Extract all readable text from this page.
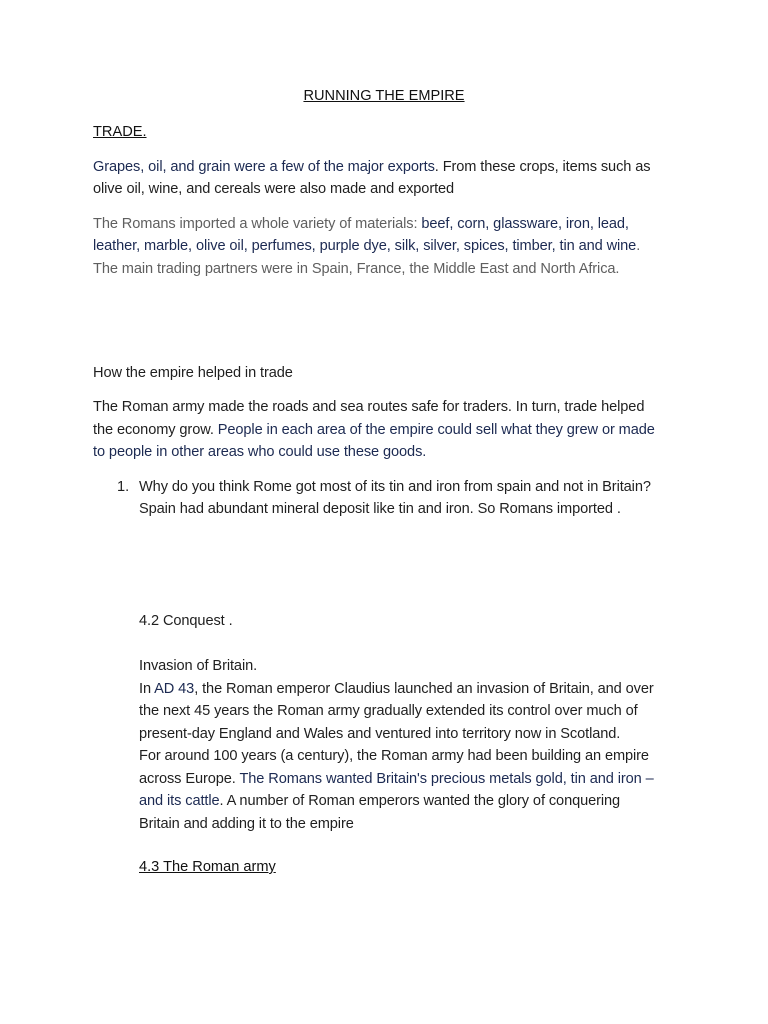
RUNNING THE EMPIRE
TRADE.
Grapes, oil, and grain were a few of the major exports. From these crops, items such as
olive oil, wine, and cereals were also made and exported
The Romans imported a whole variety of materials: beef, corn, glassware, iron, lead,
leather, marble, olive oil, perfumes, purple dye, silk, silver, spices, timber, tin and wine.
The main trading partners were in Spain, France, the Middle East and North Africa.
How the empire helped in trade
The Roman army made the roads and sea routes safe for traders. In turn, trade helped
the economy grow. People in each area of the empire could sell what they grew or made
to people in other areas who could use these goods.
1. Why do you think Rome got most of its tin and iron from spain and not in Britain?
Spain had abundant mineral deposit like tin and iron. So Romans imported .
4.2 Conquest .
Invasion of Britain.
In AD 43, the Roman emperor Claudius launched an invasion of Britain, and over
the next 45 years the Roman army gradually extended its control over much of
present-day England and Wales and ventured into territory now in Scotland.
For around 100 years (a century), the Roman army had been building an empire
across Europe. The Romans wanted Britain's precious metals gold, tin and iron –
and its cattle. A number of Roman emperors wanted the glory of conquering
Britain and adding it to the empire
4.3 The Roman army
